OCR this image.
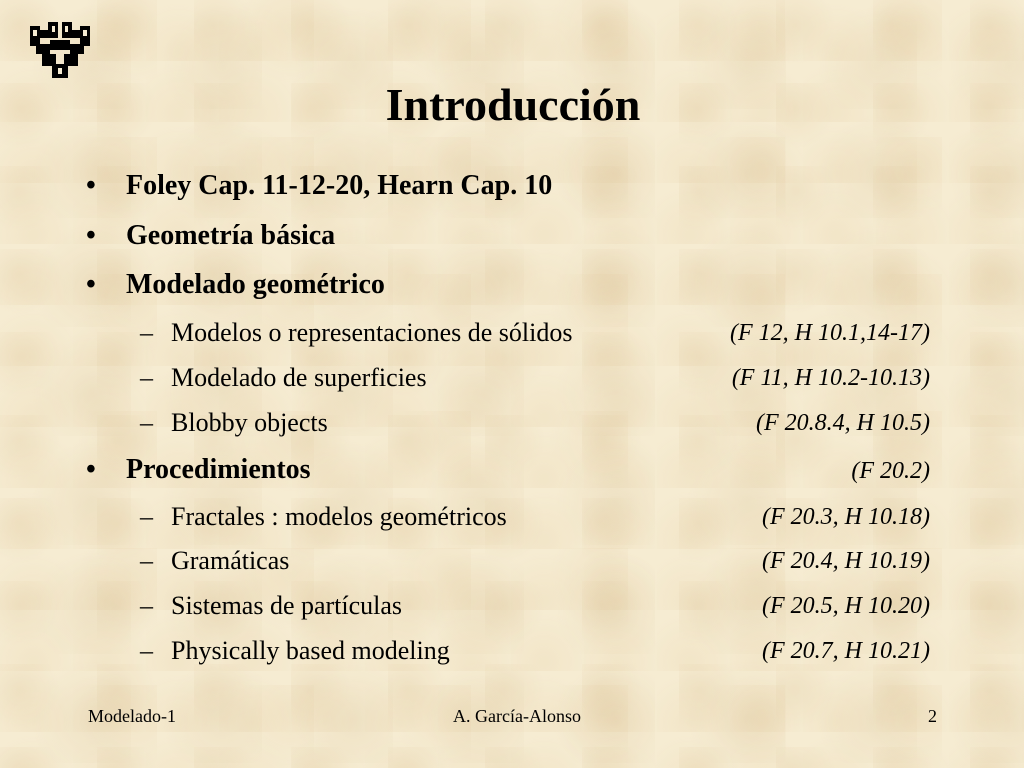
Introducción
• Foley Cap. 11-12-20, Hearn Cap. 10
• Geometría básica
• Modelado geométrico
– Modelos o representaciones de sólidos	(F 12, H 10.1,14-17)
– Modelado de superficies	(F 11, H 10.2-10.13)
– Blobby objects	(F 20.8.4, H 10.5)
• Procedimientos	(F 20.2)
– Fractales : modelos geométricos	(F 20.3, H 10.18)
– Gramáticas	(F 20.4, H 10.19)
– Sistemas de partículas	(F 20.5, H 10.20)
– Physically based modeling	(F 20.7, H 10.21)
Modelado-1	A. García-Alonso	2
